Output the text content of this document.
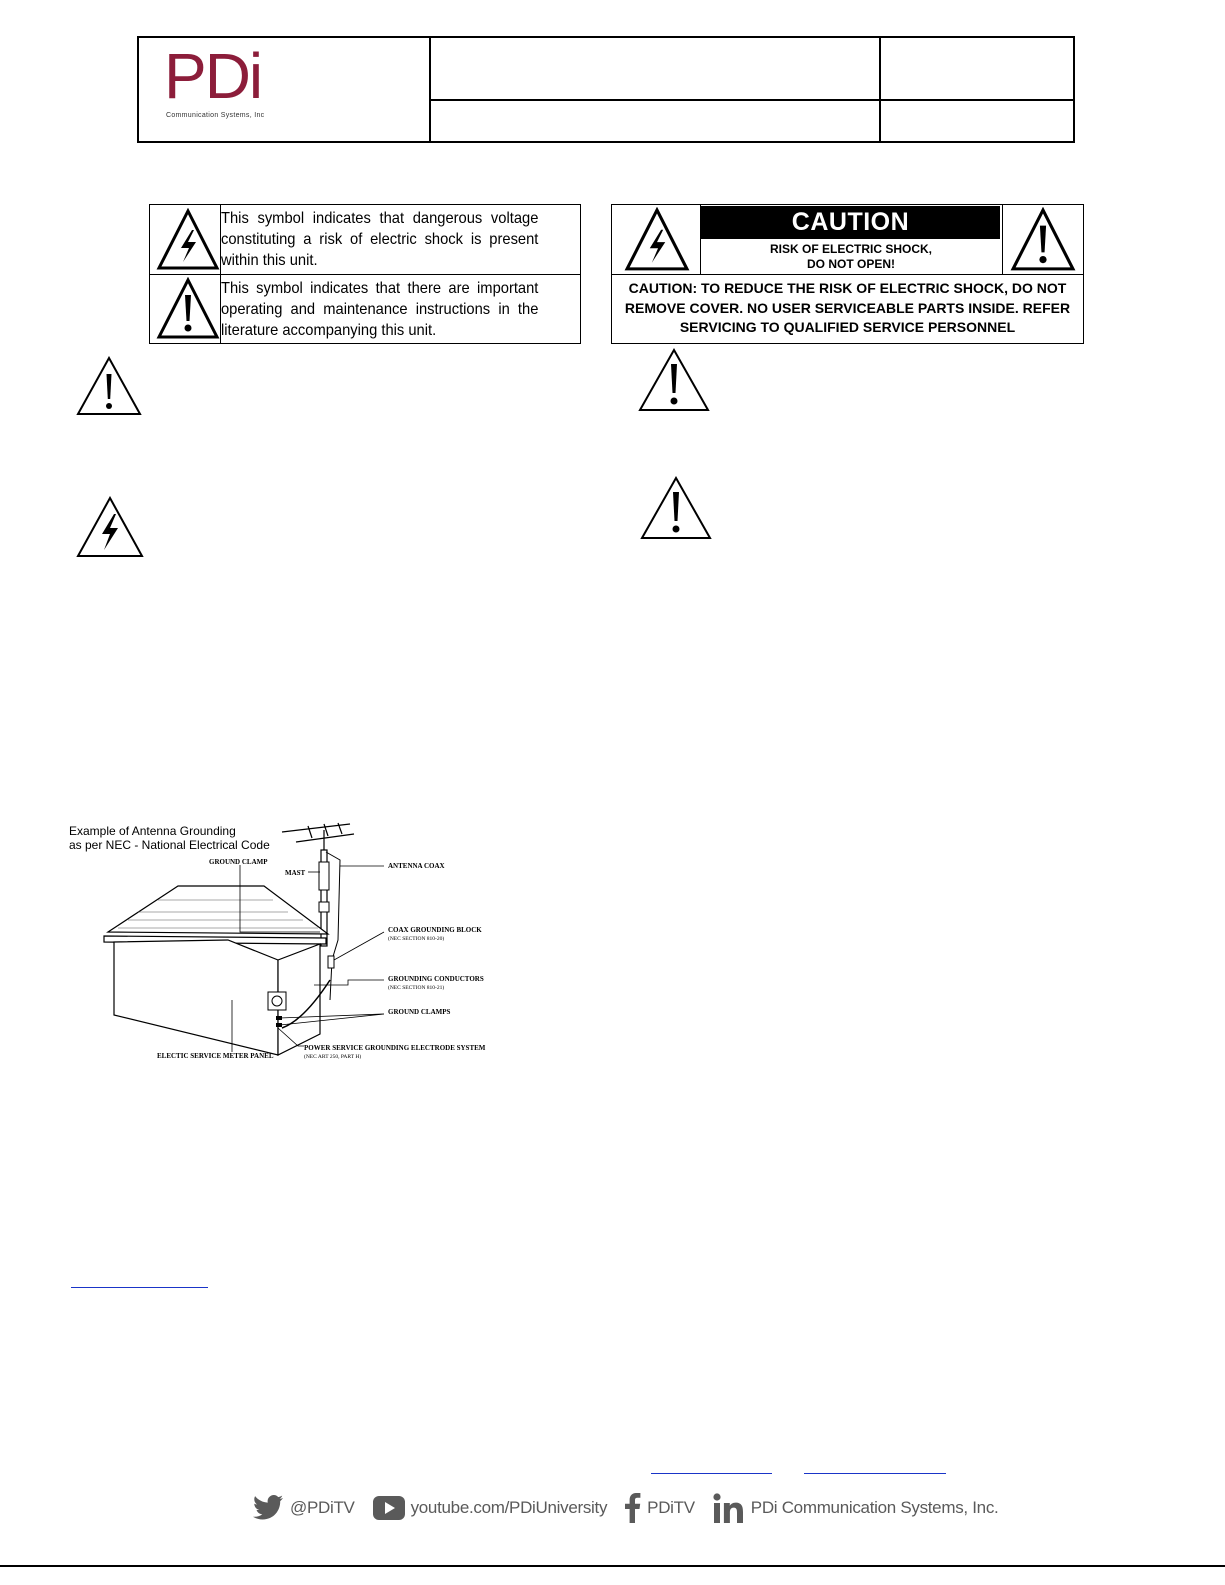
PDi
Communication Systems, Inc
This symbol indicates that dangerous voltage constituting a risk of electric shock is present within this unit.
This symbol indicates that there are important operating and maintenance instructions in the literature accompanying this unit.
CAUTION
RISK OF ELECTRIC SHOCK,
DO NOT OPEN!
CAUTION: TO REDUCE THE RISK OF ELECTRIC SHOCK, DO NOT REMOVE COVER. NO USER SERVICEABLE PARTS INSIDE. REFER SERVICING TO QUALIFIED SERVICE PERSONNEL
Example of Antenna Grounding
as per NEC - National Electrical Code
GROUND CLAMP
MAST
ANTENNA COAX
COAX GROUNDING BLOCK
(NEC SECTION 810-20)
GROUNDING CONDUCTORS
(NEC SECTION 810-21)
GROUND CLAMPS
ELECTIC SERVICE METER PANEL
POWER SERVICE GROUNDING ELECTRODE SYSTEM
(NEC ART 250, PART H)
@PDiTV	youtube.com/PDiUniversity PDiTV	PDi Communication Systems, Inc.
